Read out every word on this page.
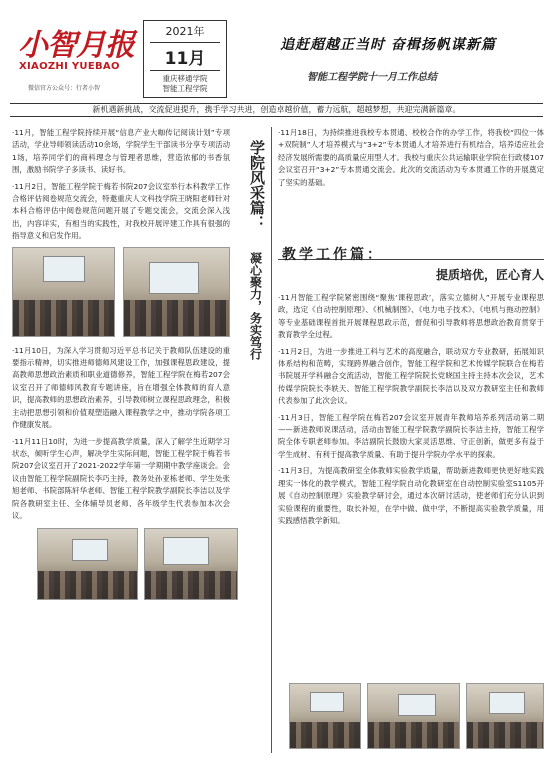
小智月报
XIAOZHI YUEBAO
微信官方公众号：行者小智
2021年
11月
重庆移通学院
智能工程学院
追赶超越正当时 奋楫扬帆谋新篇
智能工程学院十一月工作总结
新机遇新挑战，交流促进提升，携手学习共进，创造卓越价值，蓄力远航，超越梦想，共迎完满新篇章。

·11月，智能工程学院持续开展“信息产业大咖传记阅读计划”专项活动，学业导师领读活动10余场，学院学生干部读书分享专项活动1场，培养同学们的商科理念与管理者思维，营造浓郁的书香氛围，激励书院学子多读书、读好书。

·11月2日，智能工程学院于梅若书院207会议室举行本科教学工作合格评估阅卷规范交流会，特邀重庆人文科技学院王晓阳老师针对本科合格评估中阅卷规范问题开展了专题交流会，交流会深入浅出，内容详实，有相当的实践性，对我校开展评建工作具有很强的指导意义和启发作用。

·11月10日，为深入学习贯彻习近平总书记关于教师队伍建设的重要指示精神，切实推进师德师风建设工作，加强课程思政建设，提高教师思想政治素质和职业道德修养，智能工程学院在梅若207会议室召开了师德师风教育专题讲座，旨在增强全体教师的育人意识，提高教师的思想政治素养，引导教师树立课程思政理念，积极主动把思想引领和价值观塑造融入课程教学之中，推动学院各项工作健康发展。

·11月11日10时，为进一步提高教学质量，深入了解学生近期学习状态，倾听学生心声，解决学生实际问题，智能工程学院于梅若书院207会议室召开了2021-2022学年第一学期期中教学座谈会。会议由智能工程学院副院长李巧主持，教务处孙亚栋老师、学生处张旭老师、书院部陈轩华老师、智能工程学院教学副院长李洁以及学院各教研室主任、全体辅导员老师、各年级学生代表参加本次会议。

学院风采篇：
凝心聚力，务实笃行

·11月18日，为持续推进我校专本贯通、校校合作的办学工作，将我校“四位一体+双院制”人才培养模式与“3+2”专本贯通人才培养进行有机结合，培养适应社会经济发展所需要的高质量应用型人才。我校与重庆公共运输职业学院在行政楼107会议室召开“3+2”专本贯通交流会。此次的交流活动为专本贯通工作的开展奠定了坚实的基础。

教学工作篇：
提质培优，匠心育人

·11月智能工程学院紧密围绕“聚焦‘课程思政’，落实立德树人”开展专业课程思政，选定《自动控制原理》、《机械制图》、《电力电子技术》、《电机与拖动控制》等专业基础课程首批开展课程思政示范，督促和引导教师将思想政治教育贯穿于教育教学全过程。

·11月2日，为进一步推进工科与艺术的高度融合，联动双方专业教研，拓展知识体系结构和范畴，实现跨界融合创作，智能工程学院和艺术传媒学院联合在梅若书院展开学科融合交流活动，智能工程学院院长党晓国主持主持本次会议，艺术传媒学院院长李轶天、智能工程学院教学副院长李洁以及双方教研室主任和教师代表参加了此次会议。

·11月3日，智能工程学院在梅若207会议室开展青年教师培养系列活动第二期——新进教师说课活动，活动由智能工程学院教学副院长李洁主持，智能工程学院全体专职老师参加。李洁副院长鼓励大家灵活思维、守正创新，做更多有益于学生成材、有利于提高教学质量、有助于提升学院办学水平的探索。

·11月3日，为提高教研室全体教师实验教学质量，帮助新进教师更快更好地实践理实一体化的教学模式，智能工程学院自动化教研室在自动控制实验室S1105开展《自动控制原理》实验教学研讨会，通过本次研讨活动，使老师们充分认识到实验课程的重要性，取长补短，在学中做、做中学，不断提高实验教学质量，用实践感悟教学新知。
